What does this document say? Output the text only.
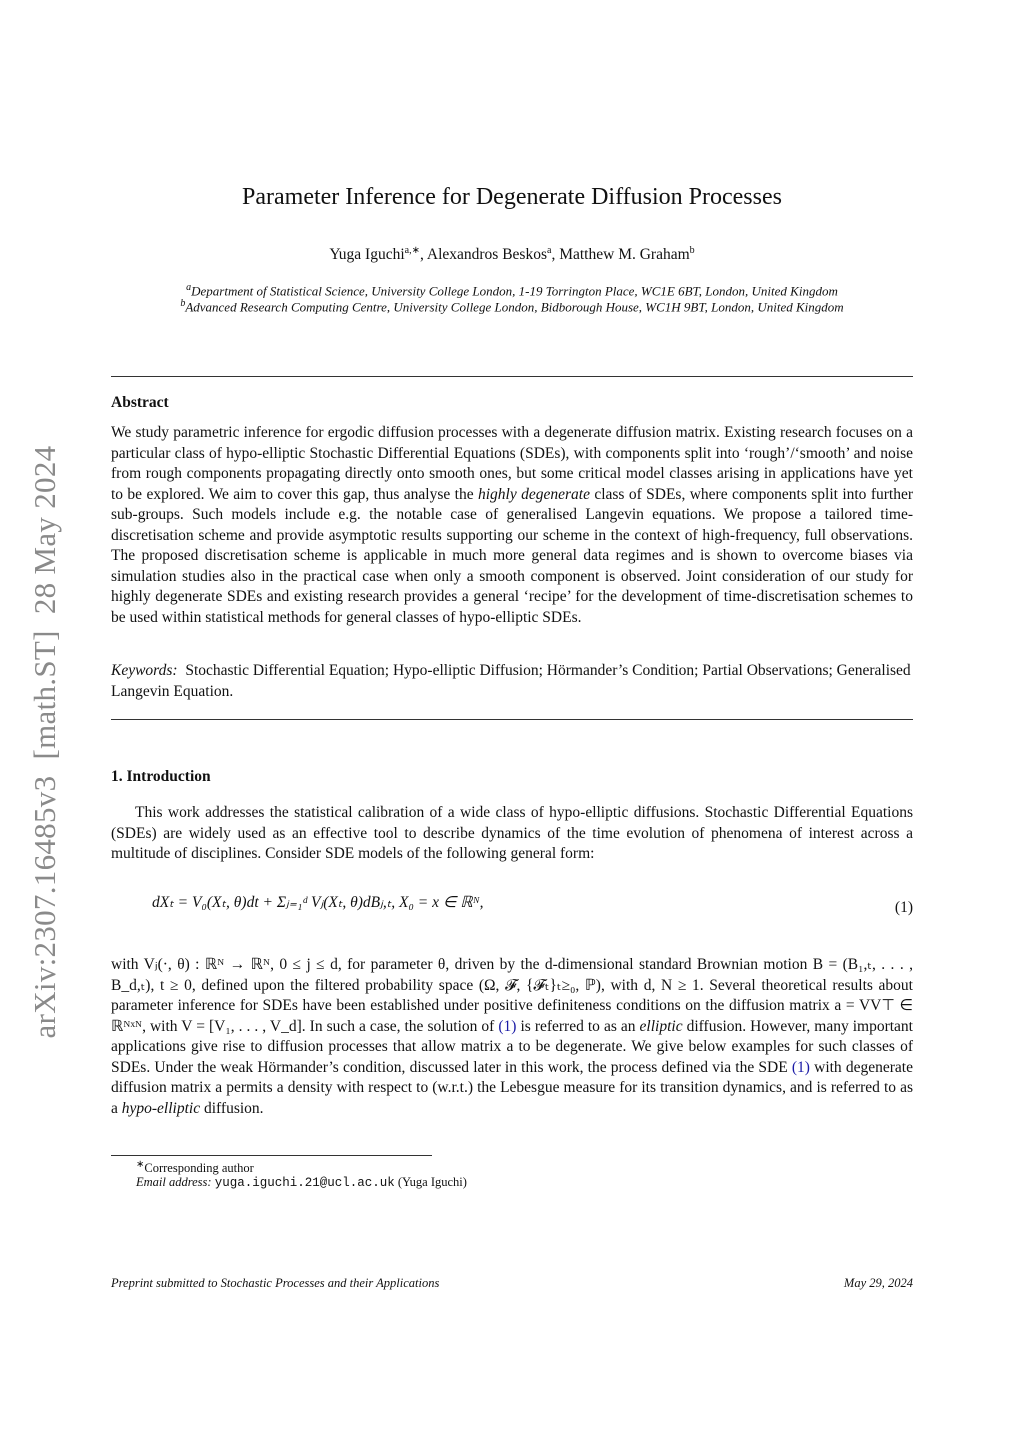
arXiv:2307.16485v3  [math.ST]  28 May 2024
Parameter Inference for Degenerate Diffusion Processes
Yuga Iguchi$^{a,∗}$, Alexandros Beskos$^a$, Matthew M. Graham$^b$
$^a$Department of Statistical Science, University College London, 1-19 Torrington Place, WC1E 6BT, London, United Kingdom
$^b$Advanced Research Computing Centre, University College London, Bidborough House, WC1H 9BT, London, United Kingdom
Abstract
We study parametric inference for ergodic diffusion processes with a degenerate diffusion matrix. Existing research focuses on a particular class of hypo-elliptic Stochastic Differential Equations (SDEs), with components split into ‘rough’/‘smooth’ and noise from rough components propagating directly onto smooth ones, but some critical model classes arising in applications have yet to be explored. We aim to cover this gap, thus analyse the highly degenerate class of SDEs, where components split into further sub-groups. Such models include e.g. the notable case of generalised Langevin equations. We propose a tailored time-discretisation scheme and provide asymptotic results supporting our scheme in the context of high-frequency, full observations. The proposed discretisation scheme is applicable in much more general data regimes and is shown to overcome biases via simulation studies also in the practical case when only a smooth component is observed. Joint consideration of our study for highly degenerate SDEs and existing research provides a general ‘recipe’ for the development of time-discretisation schemes to be used within statistical methods for general classes of hypo-elliptic SDEs.
Keywords: Stochastic Differential Equation; Hypo-elliptic Diffusion; Hörmander’s Condition; Partial Observations; Generalised Langevin Equation.
1. Introduction
This work addresses the statistical calibration of a wide class of hypo-elliptic diffusions. Stochastic Differential Equations (SDEs) are widely used as an effective tool to describe dynamics of the time evolution of phenomena of interest across a multitude of disciplines. Consider SDE models of the following general form:
dXₜ = V₀(Xₜ, θ)dt + Σⱼ₌₁ᵈ Vⱼ(Xₜ, θ)dBⱼ,ₜ, X₀ = x ∈ ℝᴺ,	(1)
with Vⱼ(·, θ) : ℝᴺ → ℝᴺ, 0 ≤ j ≤ d, for parameter θ, driven by the d-dimensional standard Brownian motion B = (B₁,ₜ, . . . , B_d,ₜ), t ≥ 0, defined upon the filtered probability space (Ω, 𝓕, {𝓕ₜ}ₜ≥₀, ℙ), with d, N ≥ 1. Several theoretical results about parameter inference for SDEs have been established under positive definiteness conditions on the diffusion matrix a = VV⊤ ∈ ℝᴺˣᴺ, with V = [V₁, . . . , V_d]. In such a case, the solution of (1) is referred to as an elliptic diffusion. However, many important applications give rise to diffusion processes that allow matrix a to be degenerate. We give below examples for such classes of SDEs. Under the weak Hörmander’s condition, discussed later in this work, the process defined via the SDE (1) with degenerate diffusion matrix a permits a density with respect to (w.r.t.) the Lebesgue measure for its transition dynamics, and is referred to as a hypo-elliptic diffusion.
∗Corresponding author
Email address: yuga.iguchi.21@ucl.ac.uk (Yuga Iguchi)
Preprint submitted to Stochastic Processes and their Applications	May 29, 2024
